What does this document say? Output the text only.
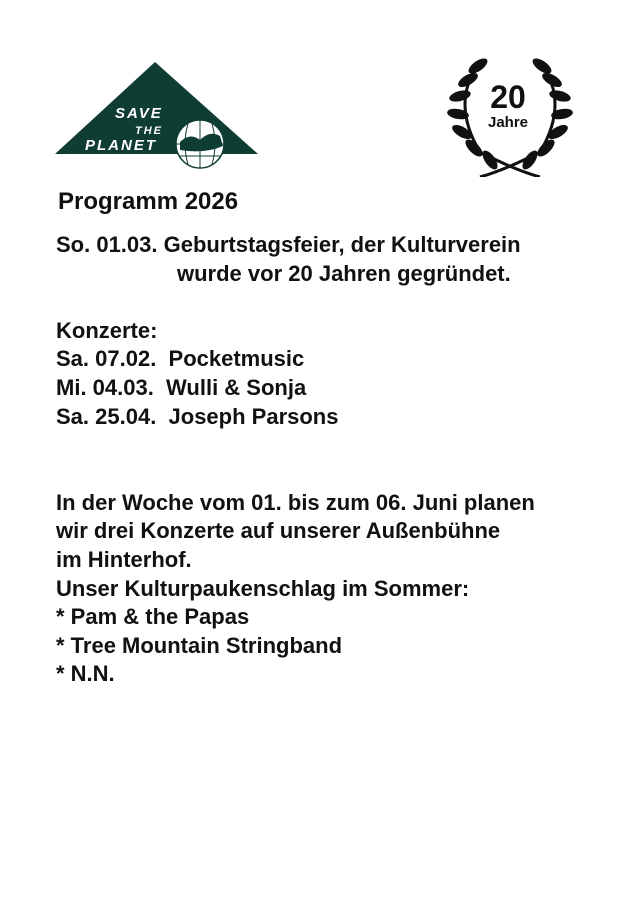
SAVE
THE
PLANET
20
Jahre
Programm 2026
So. 01.03. Geburtstagsfeier, der Kulturverein
wurde vor 20 Jahren gegründet.
Konzerte:
Sa. 07.02.  Pocketmusic
Mi. 04.03.  Wulli & Sonja
Sa. 25.04.  Joseph Parsons
In der Woche vom 01. bis zum 06. Juni planen
wir drei Konzerte auf unserer Außenbühne
im Hinterhof.
Unser Kulturpaukenschlag im Sommer:
* Pam & the Papas
* Tree Mountain Stringband
* N.N.
